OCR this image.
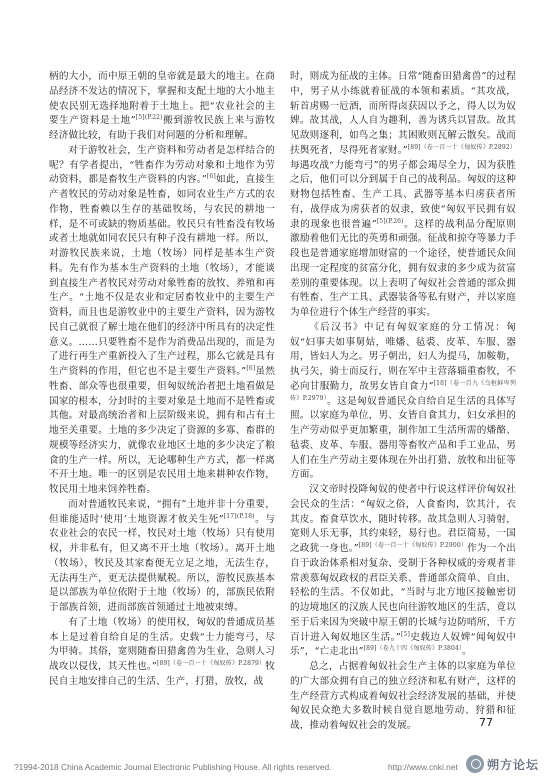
柄的大小，而中原王朝的皇帝就是最大的地主。在商品经济不发达的情况下，掌握和支配土地的大小地主使农民别无选择地附着于土地上。把“农业社会的主要生产资料是土地”$^{[5](P.22)}$搬到游牧民族上来与游牧经济做比较，有助于我们对问题的分析和理解。

对于游牧社会，生产资料和劳动者是怎样结合的呢？有学者提出，“牲畜作为劳动对象和土地作为劳动资料，都是畜牧生产资料的内容。”[6]如此，直接生产者牧民的劳动对象是牲畜，如同农业生产方式的农作物，牲畜赖以生存的基础牧场，与农民的耕地一样，是不可或缺的物质基础。牧民只有牲畜没有牧场或者土地就如同农民只有种子没有耕地一样。所以，对游牧民族来说，土地（牧场）同样是基本生产资料。先有作为基本生产资料的土地（牧场），才能谈到直接生产者牧民对劳动对象牲畜的放牧、养殖和再生产。“土地不仅是农业和定居畜牧业中的主要生产资料，而且也是游牧业中的主要生产资料，因为游牧民自己就很了解土地在他们的经济中所具有的决定性意义。……只要牲畜不是作为消费品出现的，而是为了进行再生产重新投入了生产过程，那么它就是具有生产资料的作用，但它也不是主要生产资料。”[6]虽然牲畜、部众等也很重要，但匈奴统治者把土地看做是国家的根本，分封时的主要对象是土地而不是牲畜或其他。对最高统治者和上层阶级来说，拥有和占有土地至关重要。土地的多少决定了资源的多寡、畜群的规模等经济实力，就像农业地区土地的多少决定了粮食的生产一样。所以，无论哪种生产方式，都一样离不开土地。唯一的区别是农民用土地来耕种农作物，牧民用土地来饲养牲畜。

而对普通牧民来说，“拥有”土地并非十分重要，但谁能适时‘使用’土地资源才攸关生死”$^{[17](P.18)}$。与农业社会的农民一样，牧民对土地（牧场）只有使用权，并非私有，但又离不开土地（牧场）。离开土地（牧场），牧民及其家畜便无立足之地，无法生存，无法再生产，更无法提供赋税。所以，游牧民族基本是以部族为单位依附于土地（牧场）的，部族民依附于部族首领，进而部族首领通过土地被束缚。

有了土地（牧场）的使用权，匈奴的普通成员基本上是过着自给自足的生活。史载“士力能弯弓，尽为甲骑。其俗，宽则随畜田猎禽兽为生业，急则人习战攻以侵伐，其天性也。”$^{[89](卷一百一十《匈奴传》P.2879)}$牧民自主地安排自己的生活、生产，打猎，放牧，战

时，则成为征战的主体。日常“随畜田猎禽兽”的过程中，男子从小练就着征战的本领和素质。“其攻战，斩首虏赐一卮酒，而所得卤获因以予之，得人以为奴婢。故其战，人人自为趣利，善为诱兵以冒敌。故其见敌则逐利，如鸟之集；其困败则瓦解云散矣。战而扶舆死者，尽得死者家财。”$^{[89](卷一百一十《匈奴传》P.2892)}$每遇攻战“力能弯弓”的男子都会竭尽全力，因为获胜之后，他们可以分到属于自己的战利品。匈奴的这种财物包括牲畜、生产工具、武器等基本归虏获者所有，战俘成为虏获者的奴隶，致使“匈奴平民拥有奴隶的现象也很普遍”$^{[5](P.26)}$。这样的战利品分配原则激励着他们无比的英勇和顽强。征战和掠夺等暴力手段也是普通家庭增加财富的一个途径，使普通民众间出现一定程度的贫富分化，拥有奴隶的多少成为贫富差别的重要体现。以上表明了匈奴社会普通的部众拥有牲畜、生产工具、武器装备等私有财产，并以家庭为单位进行个体生产经营的事实。

《后汉书》中记有匈奴家庭的分工情况：匈奴“妇事夫如事舅姑，唯燔、毡裘、皮革、车服、器用，皆妇人为之。男子朝出，妇人为提马，加鞍勒，执弓矢，骑士而反行，则在军中主营落辎重畜牧，不必向甘服勤力，故男女皆自食力”$^{[18](卷一百九《乌桓鲜卑列传》P.2979)}$。这是匈奴普通民众自给自足生活的具体写照。以家庭为单位，男、女皆自食其力，妇女承担的生产劳动似乎更加繁重，制作加工生活所需的燔酪、毡裘、皮革、车服、器用等畜牧产品和手工业品，男人们在生产劳动主要体现在外出打猎、放牧和出征等方面。

汉文帝时投降匈奴的使者中行说这样评价匈奴社会民众的生活：“匈奴之俗，人食畜肉，饮其汁，衣其皮。畜食草饮水，随时转移。故其急则人习骑射，宽则人乐无事，其约束轻，易行也。君臣简易，一国之政犹一身也。”$^{[89](卷一百一十《匈奴传》P.2900)}$作为一个出自于政治体系相对复杂、受制于各种权威的旁观者非常羡慕匈奴政权的君臣关系、普通部众简单、自由、轻松的生活。不仅如此，“当时与北方地区接触密切的边境地区的汉族人民也向往游牧地区的生活，竟以至于后来因为突破中原王朝的长城与边防哨所，千方百计进入匈奴地区生活。”[5]史载边人奴婢“闻匈奴中乐”，“亡走北出”$^{[89](卷九十四《匈奴传》P.3804)}$。

总之，占据着匈奴社会生产主体的以家庭为单位的广大部众拥有自己的独立经济和私有财产，这样的生产经营方式构成着匈奴社会经济发展的基础，并使匈奴民众绝大多数时候自觉自愿地劳动、狩猎和征战，推动着匈奴社会的发展。	77
?1994-2018 China Academic Journal Electronic Publishing House. All rights reserved.	http://www.cnki.net 朔方论坛
